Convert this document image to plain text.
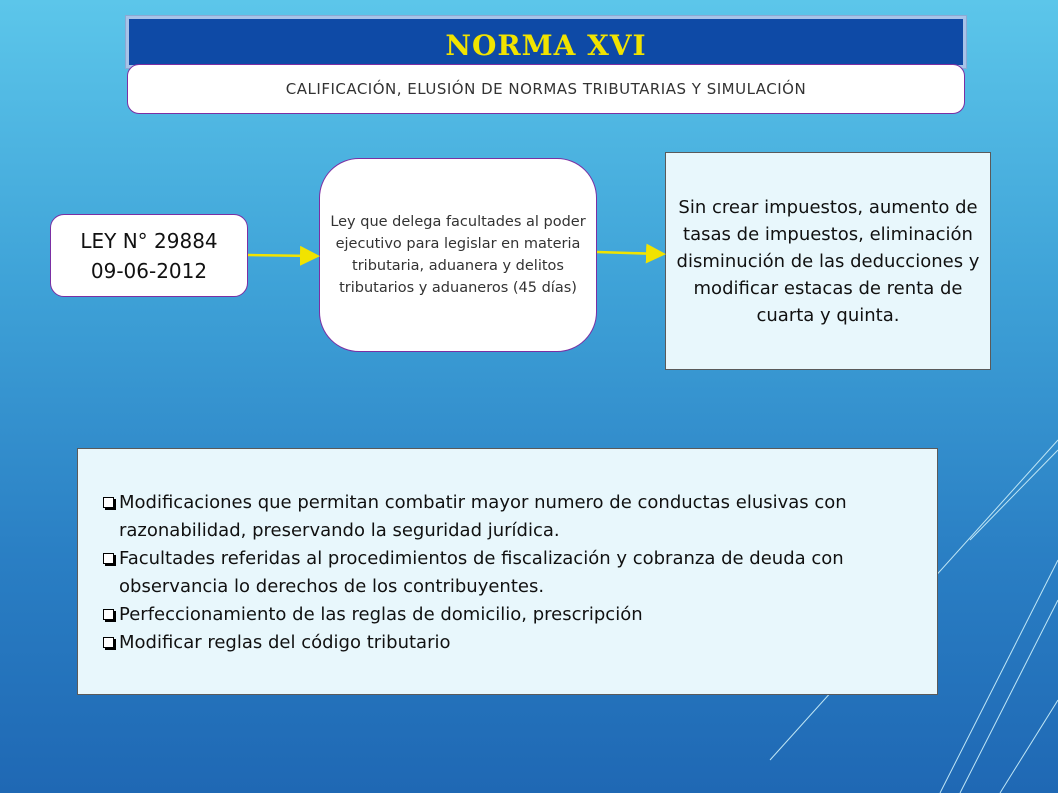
NORMA XVI
CALIFICACIÓN, ELUSIÓN DE NORMAS TRIBUTARIAS Y SIMULACIÓN
LEY N° 29884
09-06-2012
Ley que delega facultades al poder ejecutivo para legislar en materia tributaria, aduanera y delitos tributarios y aduaneros (45 días)
Sin crear impuestos, aumento de tasas de impuestos, eliminación disminución de las deducciones y modificar estacas de renta de cuarta y quinta.
Modificaciones que permitan combatir mayor numero de conductas elusivas con razonabilidad, preservando la seguridad jurídica.
Facultades referidas al procedimientos de fiscalización y cobranza de deuda con observancia lo derechos de los contribuyentes.
Perfeccionamiento de las reglas de domicilio, prescripción
Modificar reglas del código tributario
